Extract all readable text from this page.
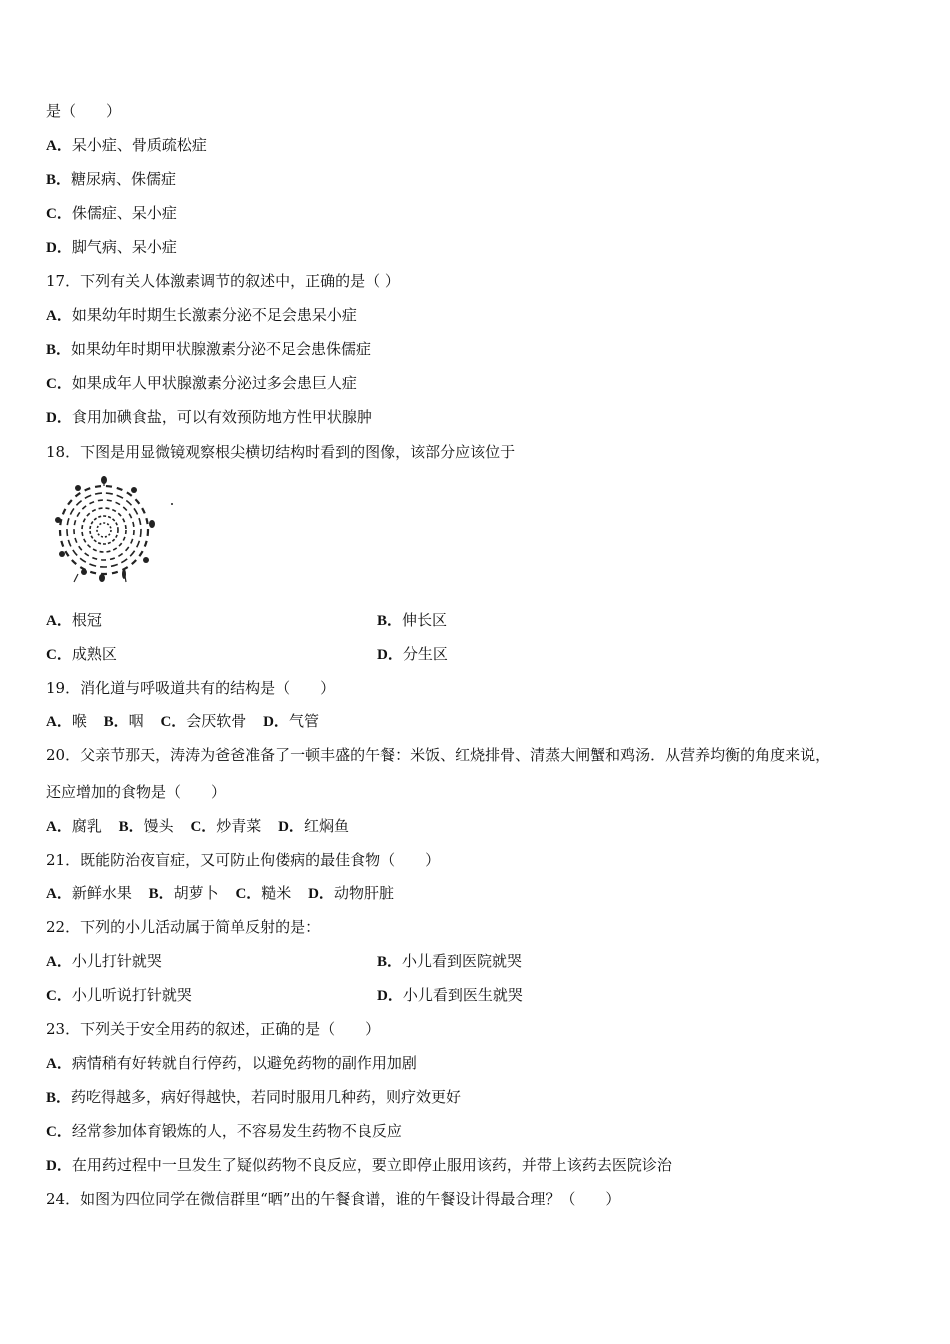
是（　　）
A．呆小症、骨质疏松症
B．糖尿病、侏儒症
C．侏儒症、呆小症
D．脚气病、呆小症
17．下列有关人体激素调节的叙述中，正确的是（ ）
A．如果幼年时期生长激素分泌不足会患呆小症
B．如果幼年时期甲状腺激素分泌不足会患侏儒症
C．如果成年人甲状腺激素分泌过多会患巨人症
D．食用加碘食盐，可以有效预防地方性甲状腺肿
18．下图是用显微镜观察根尖横切结构时看到的图像，该部分应该位于
A．根冠	B．伸长区
C．成熟区	D．分生区
19．消化道与呼吸道共有的结构是（　　）
A．喉 B．咽 C．会厌软骨 D．气管
20．父亲节那天，涛涛为爸爸准备了一顿丰盛的午餐：米饭、红烧排骨、清蒸大闸蟹和鸡汤．从营养均衡的角度来说，
还应增加的食物是（　　）
A．腐乳 B．馒头 C．炒青菜 D．红焖鱼
21．既能防治夜盲症，又可防止佝偻病的最佳食物（　　）
A．新鲜水果 B．胡萝卜 C．糙米 D．动物肝脏
22．下列的小儿活动属于简单反射的是：
A．小儿打针就哭	B．小儿看到医院就哭
C．小儿听说打针就哭	D．小儿看到医生就哭
23．下列关于安全用药的叙述，正确的是（　　）
A．病情稍有好转就自行停药，以避免药物的副作用加剧
B．药吃得越多，病好得越快，若同时服用几种药，则疗效更好
C．经常参加体育锻炼的人，不容易发生药物不良反应
D．在用药过程中一旦发生了疑似药物不良反应，要立即停止服用该药，并带上该药去医院诊治
24．如图为四位同学在微信群里“晒”出的午餐食谱，谁的午餐设计得最合理？（　　）
